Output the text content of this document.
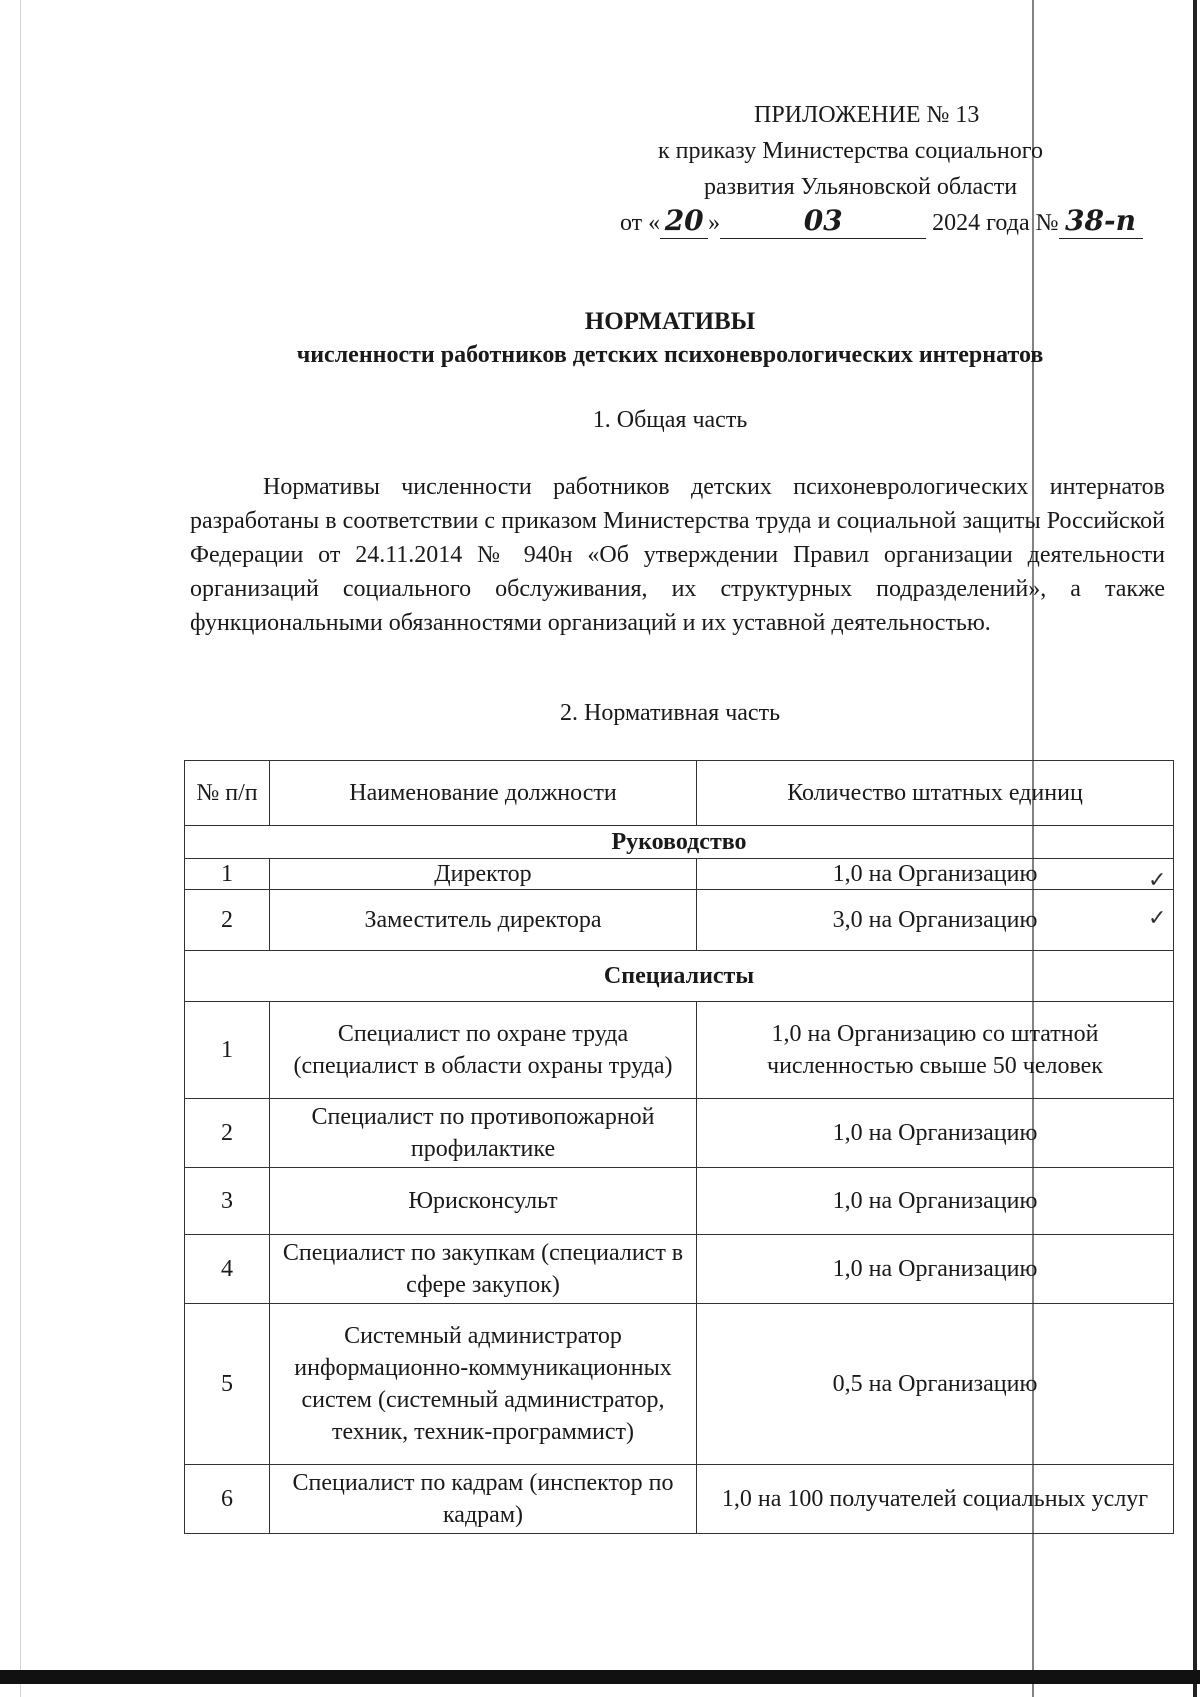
ПРИЛОЖЕНИЕ № 13
к приказу Министерства социального
развития Ульяновской области
от « 20 »	03	2024 года № 38-п
НОРМАТИВЫ
численности работников детских психоневрологических интернатов
1. Общая часть
Нормативы численности работников детских психоневрологических интернатов разработаны в соответствии с приказом Министерства труда и социальной защиты Российской Федерации от 24.11.2014 № 940н «Об утверждении Правил организации деятельности организаций социального обслуживания, их структурных подразделений», а также функциональными обязанностями организаций и их уставной деятельностью.
2. Нормативная часть
№ п/п	Наименование должности	Количество штатных единиц
Руководство		
1	Директор	1,0 на Организацию
2	Заместитель директора	3,0 на Организацию
Специалисты		
1	Специалист по охране труда (специалист в области охраны труда)	1,0 на Организацию со штатной численностью свыше 50 человек
2	Специалист по противопожарной профилактике	1,0 на Организацию
3	Юрисконсульт	1,0 на Организацию
4	Специалист по закупкам (специалист в сфере закупок)	1,0 на Организацию
5	Системный администратор информационно-коммуникационных систем (системный администратор, техник, техник-программист)	0,5 на Организацию
6	Специалист по кадрам (инспектор по кадрам)	1,0 на 100 получателей социальных услуг
✓
✓
